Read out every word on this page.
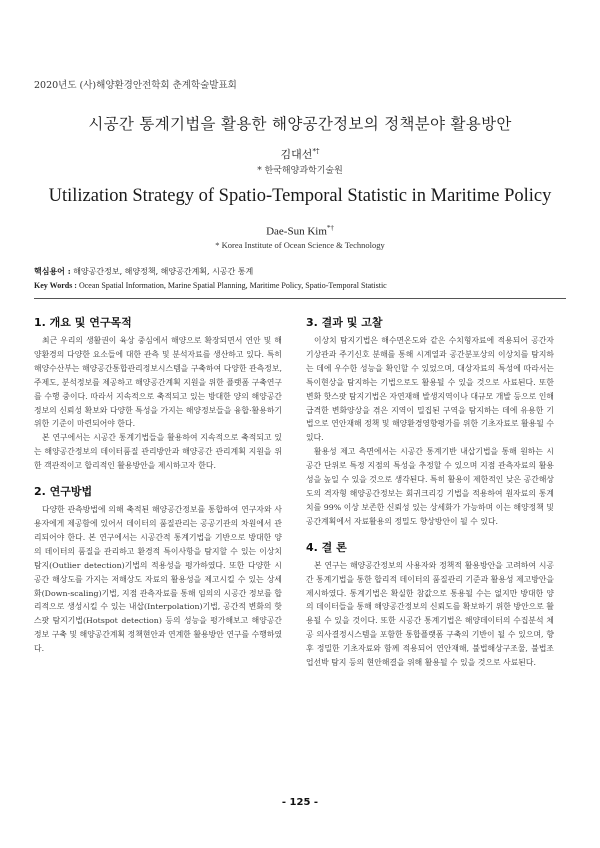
2020년도 (사)해양환경안전학회 춘계학술발표회
시공간 통계기법을 활용한 해양공간정보의 정책분야 활용방안
김대선*†
* 한국해양과학기술원
Utilization Strategy of Spatio-Temporal Statistic in Maritime Policy
Dae-Sun Kim*†
* Korea Institute of Ocean Science & Technology
핵심용어 : 해양공간정보, 해양정책, 해양공간계획, 시공간 통계
Key Words : Ocean Spatial Information, Marine Spatial Planning, Maritime Policy, Spatio-Temporal Statistic
1. 개요 및 연구목적

최근 우리의 생활권이 육상 중심에서 해양으로 확장되면서 연안 및 해양환경의 다양한 요소들에 대한 관측 및 분석자료를 생산하고 있다. 특히 해양수산부는 해양공간통합관리정보시스템을 구축하여 다양한 관측정보, 주제도, 분석정보를 제공하고 해양공간계획 지원을 위한 플랫폼 구축연구를 수행 중이다. 따라서 지속적으로 축적되고 있는 방대한 양의 해양공간정보의 신뢰성 확보와 다양한 특성을 가지는 해양정보들을 융합·활용하기 위한 기준이 마련되어야 한다.

본 연구에서는 시공간 통계기법들을 활용하여 지속적으로 축적되고 있는 해양공간정보의 데이터품질 관리방안과 해양공간 관리계획 지원을 위한 객관적이고 합리적인 활용방안을 제시하고자 한다.

2. 연구방법

다양한 관측방법에 의해 축적된 해양공간정보를 통합하여 연구자와 사용자에게 제공함에 있어서 데이터의 품질관리는 공공기관의 차원에서 관리되어야 한다. 본 연구에서는 시공간적 통계기법을 기반으로 방대한 양의 데이터의 품질을 관리하고 환경적 특이사항을 탐지할 수 있는 이상치 탐지(Outlier detection)기법의 적용성을 평가하였다. 또한 다양한 시공간 해상도를 가지는 저해상도 자료의 활용성을 제고시킬 수 있는 상세화(Down-scaling)기법, 지점 관측자료를 통해 임의의 시공간 정보를 합리적으로 생성시킬 수 있는 내삽(Interpolation)기법, 공간적 변화의 핫스팟 탐지기법(Hotspot detection) 등의 성능을 평가해보고 해양공간 정보 구축 및 해양공간계획 정책현안과 연계한 활용방안 연구를 수행하였다.

3. 결과 및 고찰

이상치 탐지기법은 해수면온도와 같은 수치형자료에 적용되어 공간자기상관과 주기신호 분해를 통해 시계열과 공간분포상의 이상치를 탐지하는 데에 우수한 성능을 확인할 수 있었으며, 대상자료의 특성에 따라서는 특이현상을 탐지하는 기법으로도 활용될 수 있을 것으로 사료된다. 또한 변화 핫스팟 탐지기법은 자연재해 발생지역이나 대규모 개발 등으로 인해 급격한 변화양상을 겪은 지역이 밀집된 구역을 탐지하는 데에 유용한 기법으로 연안재해 정책 및 해양환경영향평가를 위한 기초자료로 활용될 수 있다.

활용성 제고 측면에서는 시공간 통계기반 내삽기법을 통해 원하는 시공간 단위로 특정 지점의 특성을 추정할 수 있으며 지점 관측자료의 활용성을 높일 수 있을 것으로 생각된다. 특히 활용이 제한적인 낮은 공간해상도의 격자형 해양공간정보는 회귀크리깅 기법을 적용하여 원자료의 통계치를 99% 이상 보존한 신뢰성 있는 상세화가 가능하며 이는 해양정책 및 공간계획에서 자료활용의 정밀도 향상방안이 될 수 있다.

4. 결 론

본 연구는 해양공간정보의 사용자와 정책적 활용방안을 고려하여 시공간 통계기법을 통한 합리적 데이터의 품질관리 기준과 활용성 제고방안을 제시하였다. 통계기법은 확실한 참값으로 통용될 수는 없지만 방대한 양의 데이터들을 통해 해양공간정보의 신뢰도를 확보하기 위한 방안으로 활용될 수 있을 것이다. 또한 시공간 통계기법은 해양데이터의 수집분석 체공 의사결정시스템을 포함한 통합플랫폼 구축의 기반이 될 수 있으며, 향후 정밀한 기초자료와 함께 적용되어 연안재해, 불법해상구조물, 불법조업선박 탐지 등의 현안해결을 위해 활용될 수 있을 것으로 사료된다.

- 125 -
